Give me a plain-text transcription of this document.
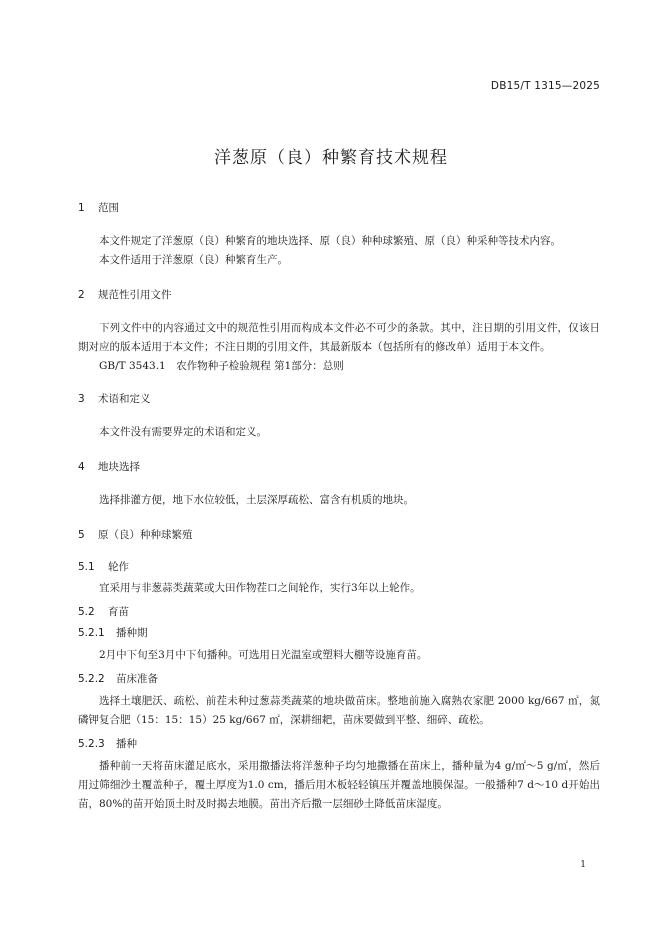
DB15/T 1315—2025
洋葱原（良）种繁育技术规程
1 范围

本文件规定了洋葱原（良）种繁育的地块选择、原（良）种种球繁殖、原（良）种采种等技术内容。

本文件适用于洋葱原（良）种繁育生产。

2 规范性引用文件

下列文件中的内容通过文中的规范性引用而构成本文件必不可少的条款。其中，注日期的引用文件，仅该日期对应的版本适用于本文件；不注日期的引用文件，其最新版本（包括所有的修改单）适用于本文件。

GB/T 3543.1　农作物种子检验规程 第1部分：总则

3 术语和定义

本文件没有需要界定的术语和定义。

4 地块选择

选择排灌方便，地下水位较低，土层深厚疏松、富含有机质的地块。

5 原（良）种种球繁殖
5.1 轮作

宜采用与非葱蒜类蔬菜或大田作物茬口之间轮作，实行3年以上轮作。

5.2 育苗
5.2.1 播种期

2月中下旬至3月中下旬播种。可选用日光温室或塑料大棚等设施育苗。

5.2.2 苗床准备

选择土壤肥沃、疏松、前茬未种过葱蒜类蔬菜的地块做苗床。整地前施入腐熟农家肥 2000 kg/667 ㎡，氮磷钾复合肥（15：15：15）25 kg/667 ㎡，深耕细耙，苗床要做到平整、细碎、疏松。

5.2.3 播种

播种前一天将苗床灌足底水，采用撒播法将洋葱种子均匀地撒播在苗床上，播种量为4 g/㎡～5 g/㎡，然后用过筛细沙土覆盖种子，覆土厚度为1.0 cm，播后用木板轻轻镇压并覆盖地膜保湿。一般播种7 d～10 d开始出苗，80%的苗开始顶土时及时揭去地膜。苗出齐后撒一层细砂土降低苗床湿度。

1
